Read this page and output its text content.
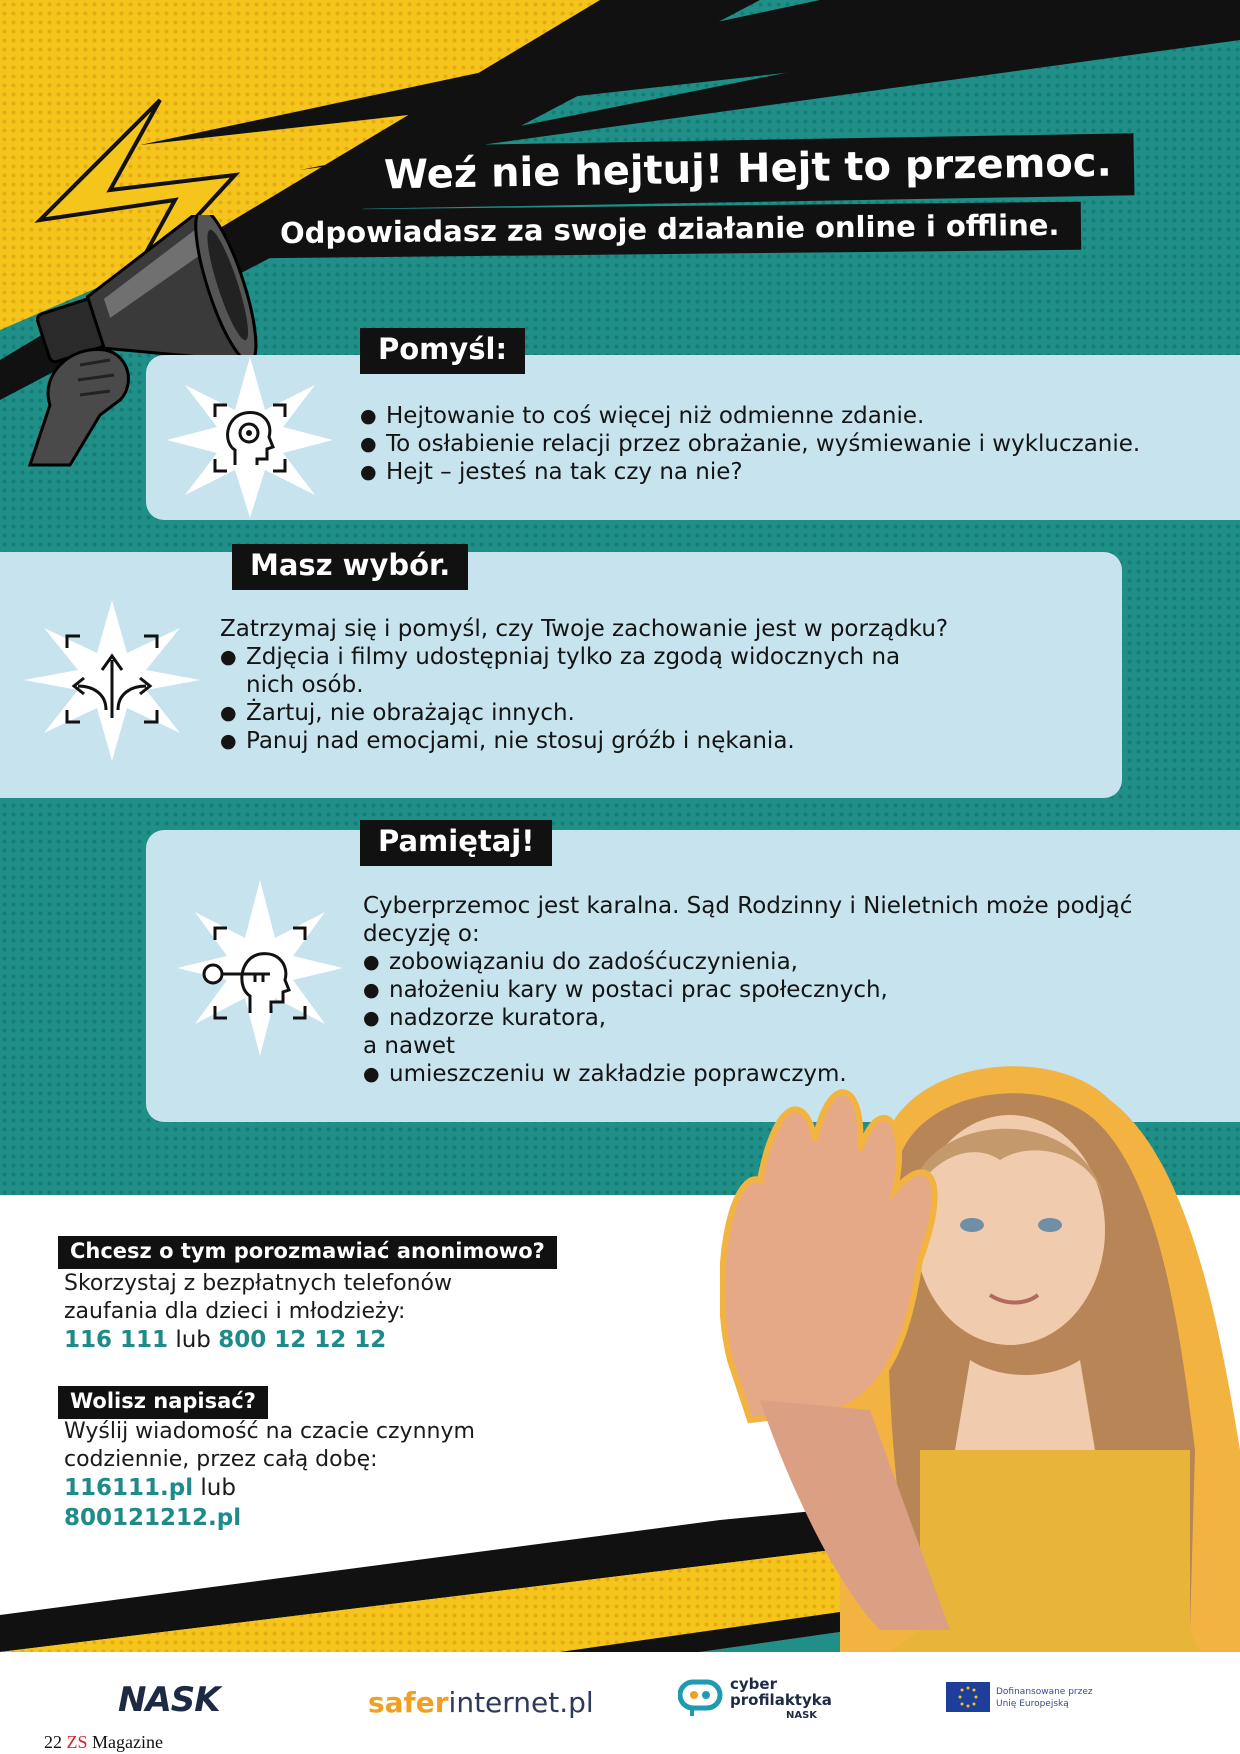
Weź nie hejtuj! Hejt to przemoc.
Odpowiadasz za swoje działanie online i offline.
Pomyśl:
● Hejtowanie to coś więcej niż odmienne zdanie.
● To osłabienie relacji przez obrażanie, wyśmiewanie i wykluczanie.
● Hejt – jesteś na tak czy na nie?
Masz wybór.

Zatrzymaj się i pomyśl, czy Twoje zachowanie jest w porządku?

● Zdjęcia i filmy udostępniaj tylko za zgodą widocznych na nich osób.
● Żartuj, nie obrażając innych.
● Panuj nad emocjami, nie stosuj gróźb i nękania.
Pamiętaj!

Cyberprzemoc jest karalna. Sąd Rodzinny i Nieletnich może podjąć decyzję o:

● zobowiązaniu do zadośćuczynienia,
● nałożeniu kary w postaci prac społecznych,
● nadzorze kuratora,

a nawet

● umieszczeniu w zakładzie poprawczym.
Chcesz o tym porozmawiać anonimowo?
Skorzystaj z bezpłatnych telefonów zaufania dla dzieci i młodzieży:
116 111 lub 800 12 12 12
Wolisz napisać?
Wyślij wiadomość na czacie czynnym codziennie, przez całą dobę:
116111.pl lub
800121212.pl
NASK	saferinternet.pl
cyber
profilaktyka
NASK
Dofinansowane przez
Unię Europejską
22 ZS Magazine
